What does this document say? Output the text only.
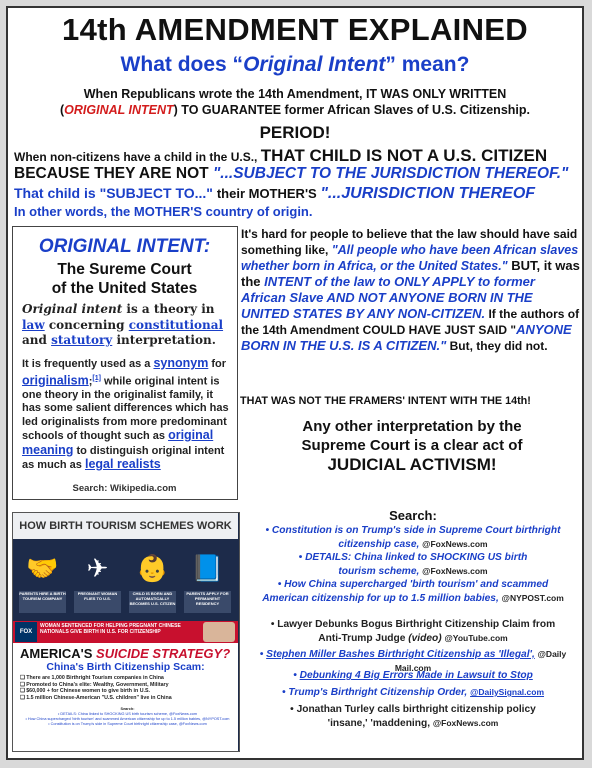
14th AMENDMENT EXPLAINED
What does “Original Intent” mean?
When Republicans wrote the 14th Amendment, IT WAS ONLY WRITTEN
(ORIGINAL INTENT) TO GUARANTEE former African Slaves of U.S. Citizenship.
PERIOD!
When non-citizens have a child in the U.S., THAT CHILD IS NOT A U.S. CITIZEN
BECAUSE THEY ARE NOT "...SUBJECT TO THE JURISDICTION THEREOF."
That child is "SUBJECT TO..." their MOTHER'S "...JURISDICTION THEREOF
In other words, the MOTHER'S country of origin.
ORIGINAL INTENT:
The Sureme Court
of the United States
Original intent is a theory in law concerning constitutional and statutory interpretation.
It is frequently used as a synonym for originalism;[1] while original intent is one theory in the originalist family, it has some salient differences which has led originalists from more predominant schools of thought such as original meaning to distinguish original intent as much as legal realists
Search: Wikipedia.com
It's hard for people to believe that the law should have said something like, "All people who have been African slaves whether born in Africa, or the United States." BUT, it was the INTENT of the law to ONLY APPLY to former African Slave AND NOT ANYONE BORN IN THE UNITED STATES BY ANY NON-CITIZEN. If the authors of the 14th Amendment COULD HAVE JUST SAID "ANYONE BORN IN THE U.S. IS A CITIZEN." But, they did not.
THAT WAS NOT THE FRAMERS' INTENT WITH THE 14th!
Any other interpretation by the
Supreme Court is a clear act of
JUDICIAL ACTIVISM!
HOW BIRTH TOURISM SCHEMES WORK
🤝
PARENTS HIRE A BIRTH TOURISM COMPANY
✈
PREGNANT WOMAN FLIES TO U.S.
👶
CHILD IS BORN AND AUTOMATICALLY BECOMES U.S. CITIZEN
📘
PARENTS APPLY FOR PERMANENT RESIDENCY
FOX
WOMAN SENTENCED FOR HELPING PREGNANT CHINESE NATIONALS GIVE BIRTH IN U.S. FOR CITIZENSHIP
AMERICA'S SUICIDE STRATEGY?
China's Birth Citizenship Scam:
❑ There are 1,000 Birthright Tourism companies in China
❑ Promoted to China's elite: Wealthy, Government, Military
❑ $60,000 + for Chinese women to give birth in U.S.
❑ 1.5 million Chinese-American "U.S. children" live in China
Search:
• DETAILS: China linked to SHOCKING US birth tourism scheme, @FoxNews.com
• How China supercharged 'birth tourism' and scammed American citizenship for up to 1.5 million babies, @NYPOST.com
• Constitution is on Trump's side in Supreme Court birthright citizenship case, @FoxNews.com
Search:
• Constitution is on Trump's side in Supreme Court birthright citizenship case, @FoxNews.com
• DETAILS: China linked to SHOCKING US birth tourism scheme, @FoxNews.com
• How China supercharged 'birth tourism' and scammed American citizenship for up to 1.5 million babies, @NYPOST.com
• Lawyer Debunks Bogus Birthright Citizenship Claim from Anti-Trump Judge (video) @YouTube.com
• Stephen Miller Bashes Birthright Citizenship as 'Illegal', @Daily Mail.com
• Debunking 4 Big Errors Made in Lawsuit to Stop
• Trump's Birthright Citizenship Order, @DailySignal.com
• Jonathan Turley calls birthright citizenship policy 'insane,' 'maddening, @FoxNews.com
